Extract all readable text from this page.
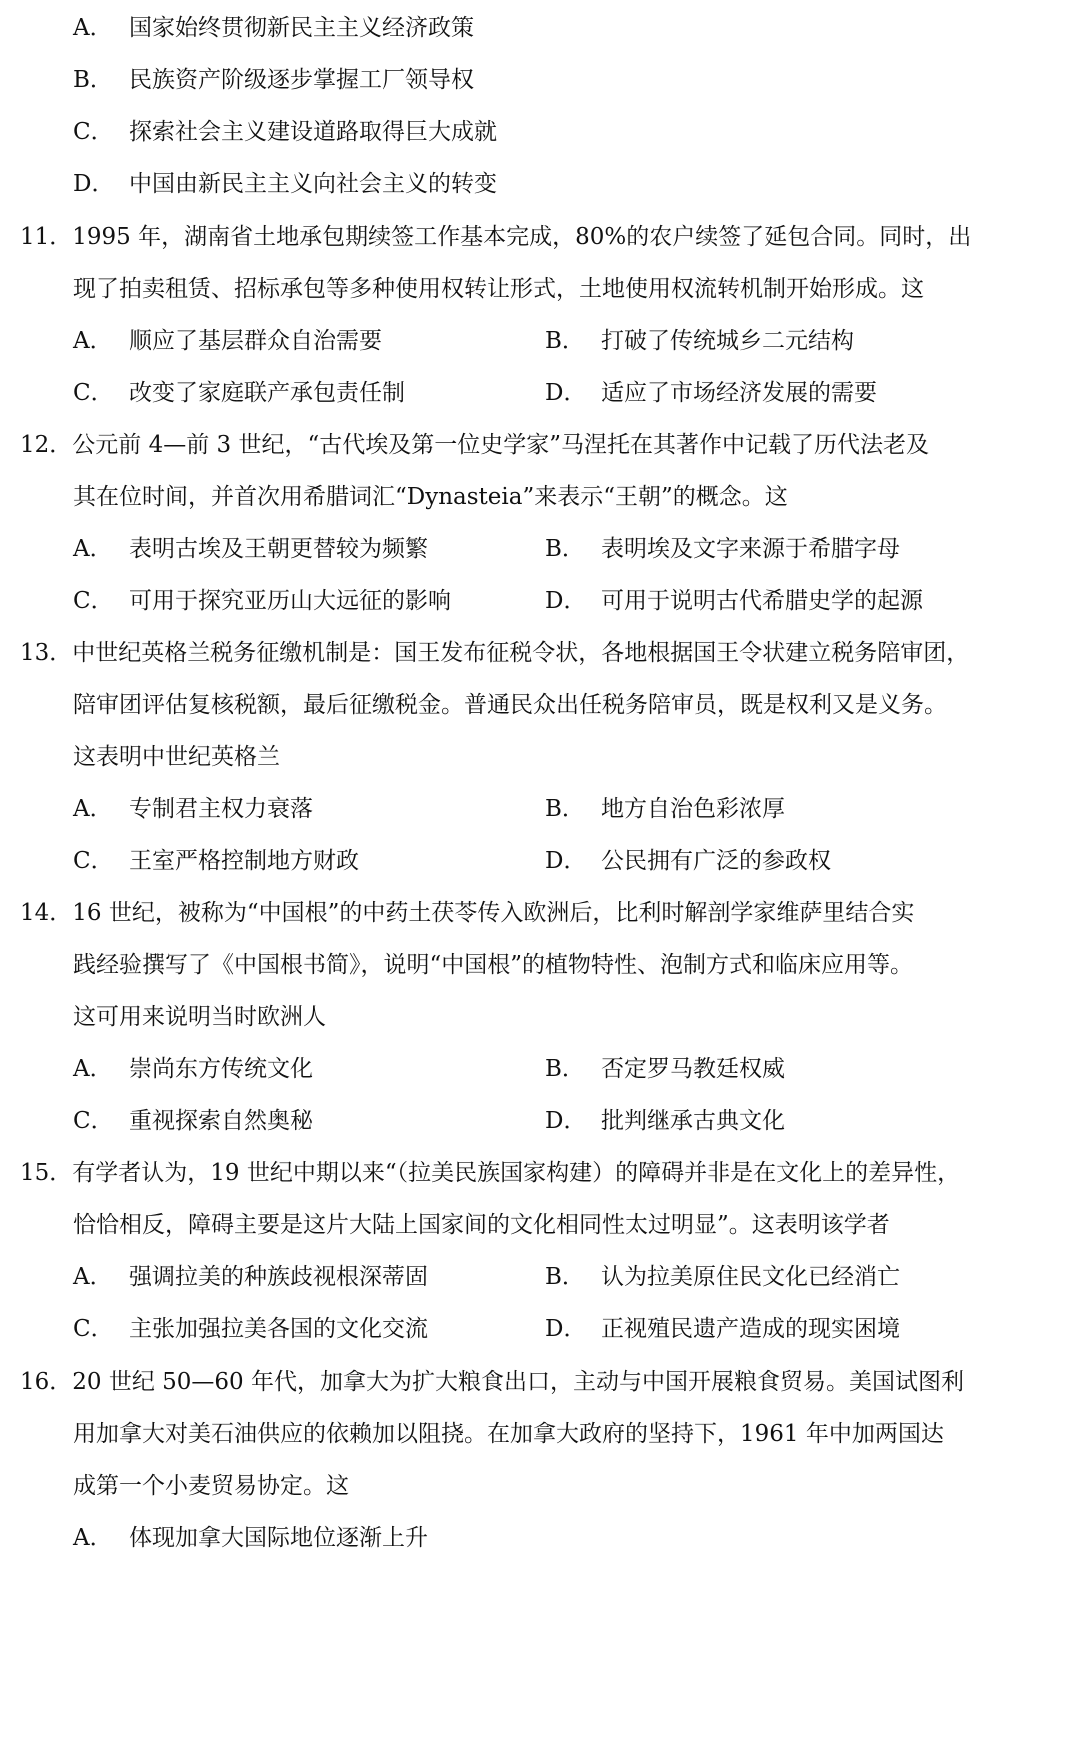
A． 国家始终贯彻新民主主义经济政策
B． 民族资产阶级逐步掌握工厂领导权
C． 探索社会主义建设道路取得巨大成就
D． 中国由新民主主义向社会主义的转变
11．1995 年，湖南省土地承包期续签工作基本完成，80%的农户续签了延包合同。同时，出
现了拍卖租赁、招标承包等多种使用权转让形式，土地使用权流转机制开始形成。这
A． 顺应了基层群众自治需要	B． 打破了传统城乡二元结构
C． 改变了家庭联产承包责任制	D． 适应了市场经济发展的需要
12．公元前 4—前 3 世纪，“古代埃及第一位史学家”马涅托在其著作中记载了历代法老及
其在位时间，并首次用希腊词汇“Dynasteia”来表示“王朝”的概念。这
A． 表明古埃及王朝更替较为频繁	B． 表明埃及文字来源于希腊字母
C． 可用于探究亚历山大远征的影响	D． 可用于说明古代希腊史学的起源
13．中世纪英格兰税务征缴机制是：国王发布征税令状，各地根据国王令状建立税务陪审团，
陪审团评估复核税额，最后征缴税金。普通民众出任税务陪审员，既是权利又是义务。
这表明中世纪英格兰
A． 专制君主权力衰落	B． 地方自治色彩浓厚
C． 王室严格控制地方财政	D． 公民拥有广泛的参政权
14．16 世纪，被称为“中国根”的中药土茯苓传入欧洲后，比利时解剖学家维萨里结合实
践经验撰写了《中国根书简》，说明“中国根”的植物特性、泡制方式和临床应用等。
这可用来说明当时欧洲人
A． 崇尚东方传统文化	B． 否定罗马教廷权威
C． 重视探索自然奥秘	D． 批判继承古典文化
15．有学者认为，19 世纪中期以来“（拉美民族国家构建）的障碍并非是在文化上的差异性，
恰恰相反，障碍主要是这片大陆上国家间的文化相同性太过明显”。这表明该学者
A． 强调拉美的种族歧视根深蒂固	B． 认为拉美原住民文化已经消亡
C． 主张加强拉美各国的文化交流	D． 正视殖民遗产造成的现实困境
16．20 世纪 50—60 年代，加拿大为扩大粮食出口，主动与中国开展粮食贸易。美国试图利
用加拿大对美石油供应的依赖加以阻挠。在加拿大政府的坚持下，1961 年中加两国达
成第一个小麦贸易协定。这
A． 体现加拿大国际地位逐渐上升
